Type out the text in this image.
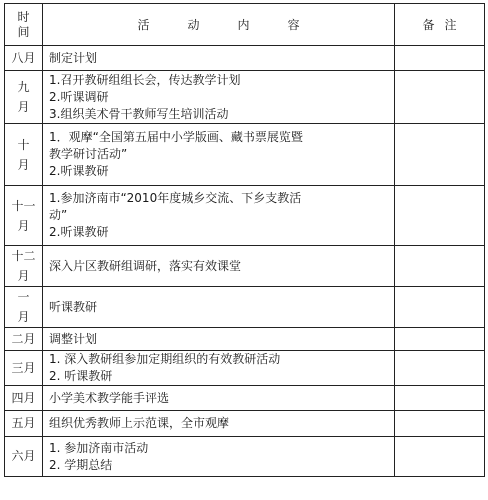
时
间	活 动 内 容	备 注

八月	制定计划	

九
月	1.召开教研组组长会，传达教学计划
2.听课调研
3.组织美术骨干教师写生培训活动	

十
月	1．观摩“全国第五届中小学版画、藏书票展览暨
教学研讨活动”
2.听课教研	

十一
月	1.参加济南市“2010年度城乡交流、下乡支教活
动”
2.听课教研	

十二
月	深入片区教研组调研，落实有效课堂	

一
月	听课教研	

二月	调整计划	

三月	1. 深入教研组参加定期组织的有效教研活动
2. 听课教研	

四月	小学美术教学能手评选	

五月	组织优秀教师上示范课，全市观摩	

六月	1. 参加济南市活动
2. 学期总结	
